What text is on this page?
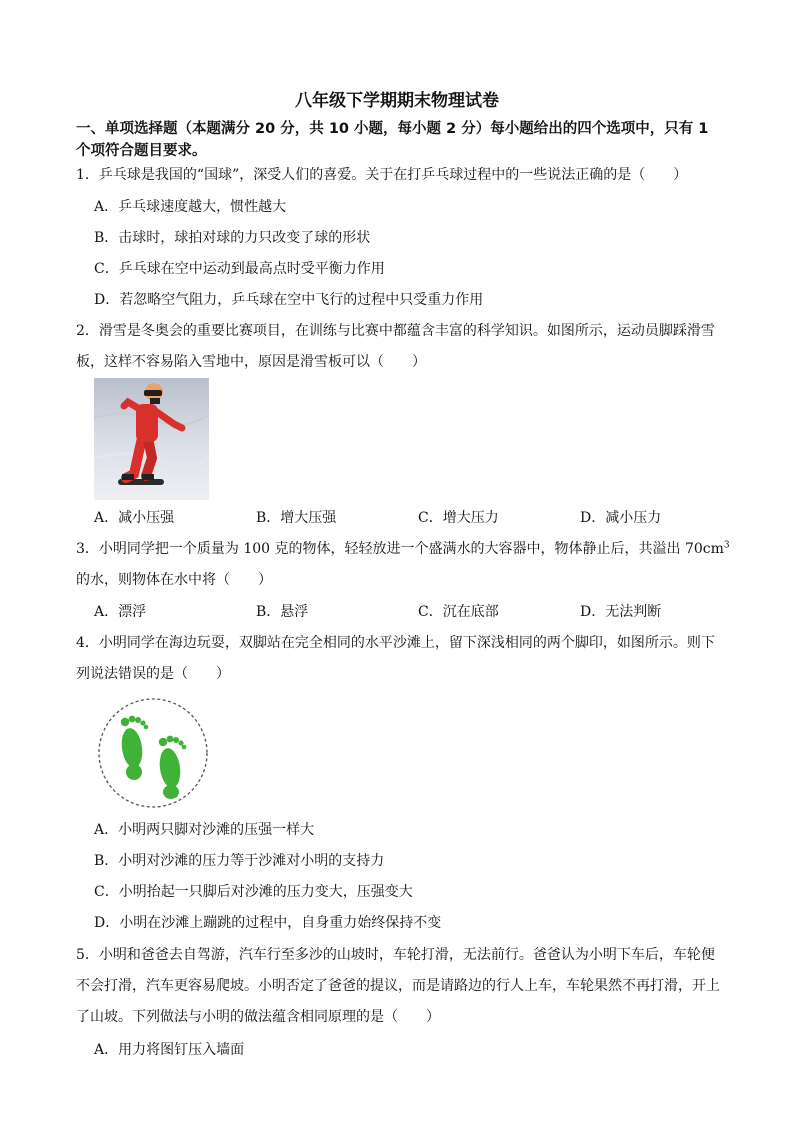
八年级下学期期末物理试卷
一、单项选择题（本题满分 20 分，共 10 小题，每小题 2 分）每小题给出的四个选项中，只有 1
个项符合题目要求。
1．乒乓球是我国的“国球”，深受人们的喜爱。关于在打乒乓球过程中的一些说法正确的是（　　）
A．乒乓球速度越大，惯性越大
B．击球时，球拍对球的力只改变了球的形状
C．乒乓球在空中运动到最高点时受平衡力作用
D．若忽略空气阻力，乒乓球在空中飞行的过程中只受重力作用
2．滑雪是冬奥会的重要比赛项目，在训练与比赛中都蕴含丰富的科学知识。如图所示，运动员脚踩滑雪
板，这样不容易陷入雪地中，原因是滑雪板可以（　　）
A．减小压强	B．增大压强	C．增大压力	D．减小压力
3．小明同学把一个质量为 100 克的物体，轻轻放进一个盛满水的大容器中，物体静止后，共溢出 $70cm^3$
的水，则物体在水中将（　　）
A．漂浮	B．悬浮	C．沉在底部	D．无法判断
4．小明同学在海边玩耍，双脚站在完全相同的水平沙滩上，留下深浅相同的两个脚印，如图所示。则下
列说法错误的是（　　）
A．小明两只脚对沙滩的压强一样大
B．小明对沙滩的压力等于沙滩对小明的支持力
C．小明抬起一只脚后对沙滩的压力变大，压强变大
D．小明在沙滩上蹦跳的过程中，自身重力始终保持不变
5．小明和爸爸去自驾游，汽车行至多沙的山坡时，车轮打滑，无法前行。爸爸认为小明下车后，车轮便
不会打滑，汽车更容易爬坡。小明否定了爸爸的提议，而是请路边的行人上车，车轮果然不再打滑，开上
了山坡。下列做法与小明的做法蕴含相同原理的是（　　）
A．用力将图钉压入墙面
